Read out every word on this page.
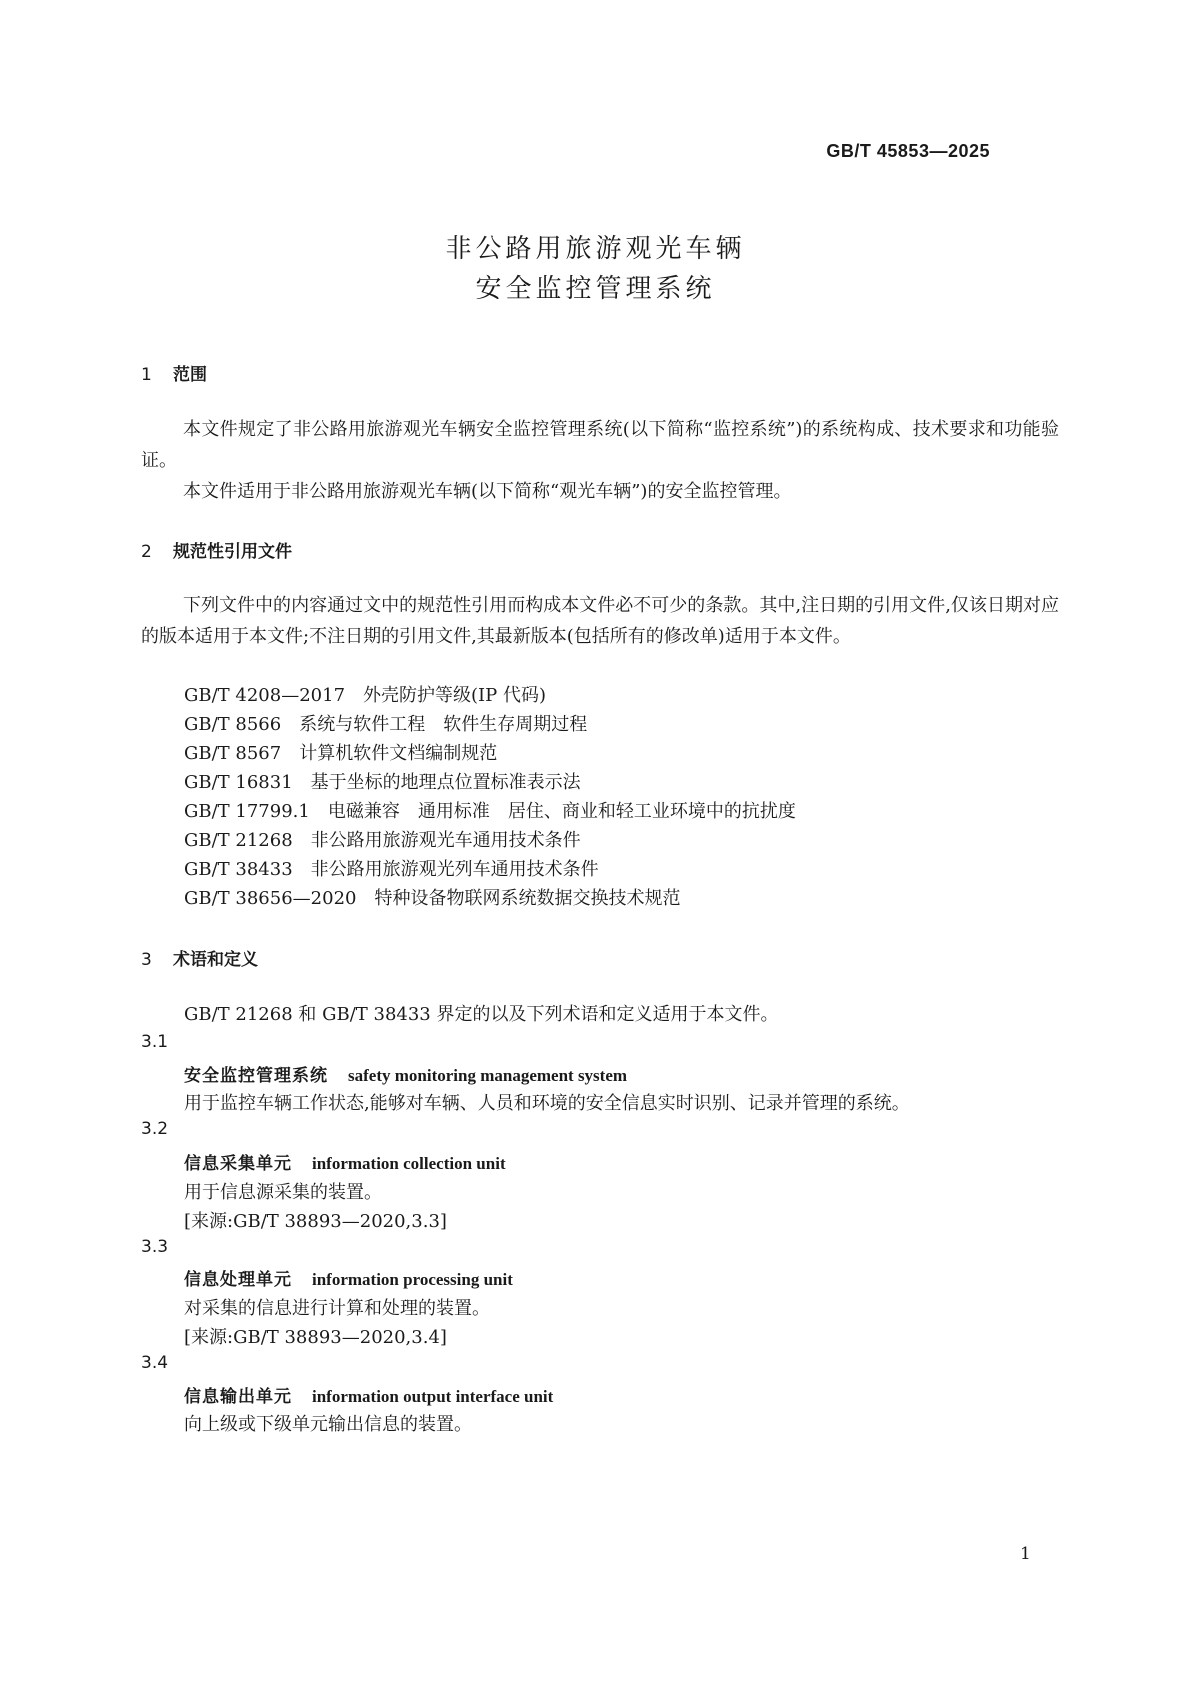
GB/T 45853—2025
非公路用旅游观光车辆
安全监控管理系统
1 范围
本文件规定了非公路用旅游观光车辆安全监控管理系统(以下简称“监控系统”)的系统构成、技术要求和功能验证。
本文件适用于非公路用旅游观光车辆(以下简称“观光车辆”)的安全监控管理。
2 规范性引用文件
下列文件中的内容通过文中的规范性引用而构成本文件必不可少的条款。其中,注日期的引用文件,仅该日期对应的版本适用于本文件;不注日期的引用文件,其最新版本(包括所有的修改单)适用于本文件。
GB/T 4208—2017 外壳防护等级(IP 代码)
GB/T 8566 系统与软件工程　软件生存周期过程
GB/T 8567 计算机软件文档编制规范
GB/T 16831 基于坐标的地理点位置标准表示法
GB/T 17799.1 电磁兼容　通用标准　居住、商业和轻工业环境中的抗扰度
GB/T 21268 非公路用旅游观光车通用技术条件
GB/T 38433 非公路用旅游观光列车通用技术条件
GB/T 38656—2020 特种设备物联网系统数据交换技术规范
3 术语和定义
GB/T 21268 和 GB/T 38433 界定的以及下列术语和定义适用于本文件。
3.1
安全监控管理系统 safety monitoring management system
用于监控车辆工作状态,能够对车辆、人员和环境的安全信息实时识别、记录并管理的系统。
3.2
信息采集单元 information collection unit
用于信息源采集的装置。
[来源:GB/T 38893—2020,3.3]
3.3
信息处理单元 information processing unit
对采集的信息进行计算和处理的装置。
[来源:GB/T 38893—2020,3.4]
3.4
信息输出单元 information output interface unit
向上级或下级单元输出信息的装置。
1
